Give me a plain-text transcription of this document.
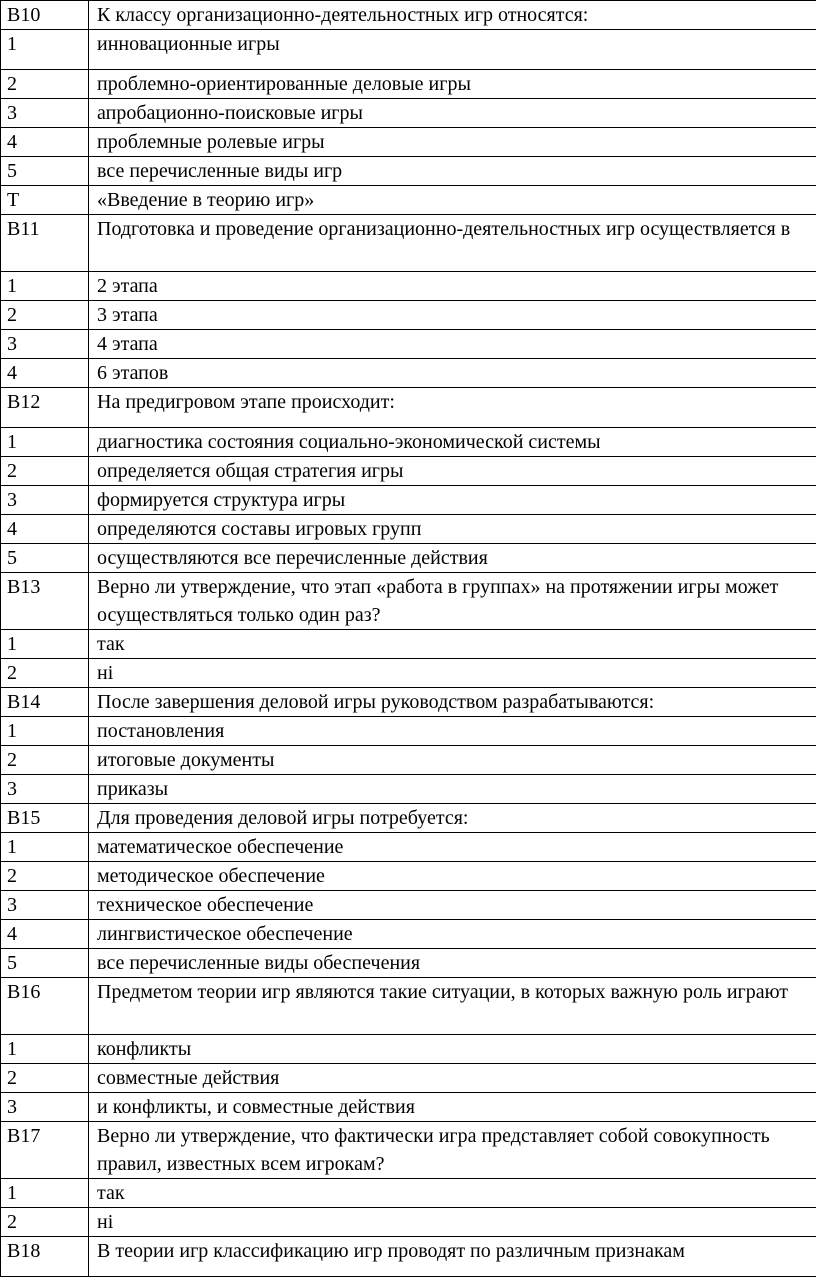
B10	К классу организационно-деятельностных игр относятся:
1	инновационные игры
2	проблемно-ориентированные деловые игры
3	апробационно-поисковые игры
4	проблемные ролевые игры
5	все перечисленные виды игр
T	«Введение в теорию игр»
B11	Подготовка и проведение организационно-деятельностных игр осуществляется в
1	2 этапа
2	3 этапа
3	4 этапа
4	6 этапов
B12	На предигровом этапе происходит:
1	диагностика состояния социально-экономической системы
2	определяется общая стратегия игры
3	формируется структура игры
4	определяются составы игровых групп
5	осуществляются все перечисленные действия
B13	Верно ли утверждение, что этап «работа в группах» на протяжении игры может осуществляться только один раз?
1	так
2	ні
B14	После завершения деловой игры руководством разрабатываются:
1	постановления
2	итоговые документы
3	приказы
B15	Для проведения деловой игры потребуется:
1	математическое обеспечение
2	методическое обеспечение
3	техническое обеспечение
4	лингвистическое обеспечение
5	все перечисленные виды обеспечения
B16	Предметом теории игр являются такие ситуации, в которых важную роль играют
1	конфликты
2	совместные действия
3	и конфликты, и совместные действия
B17	Верно ли утверждение, что фактически игра представляет собой совокупность правил, известных всем игрокам?
1	так
2	ні
B18	В теории игр классификацию игр проводят по различным признакам
